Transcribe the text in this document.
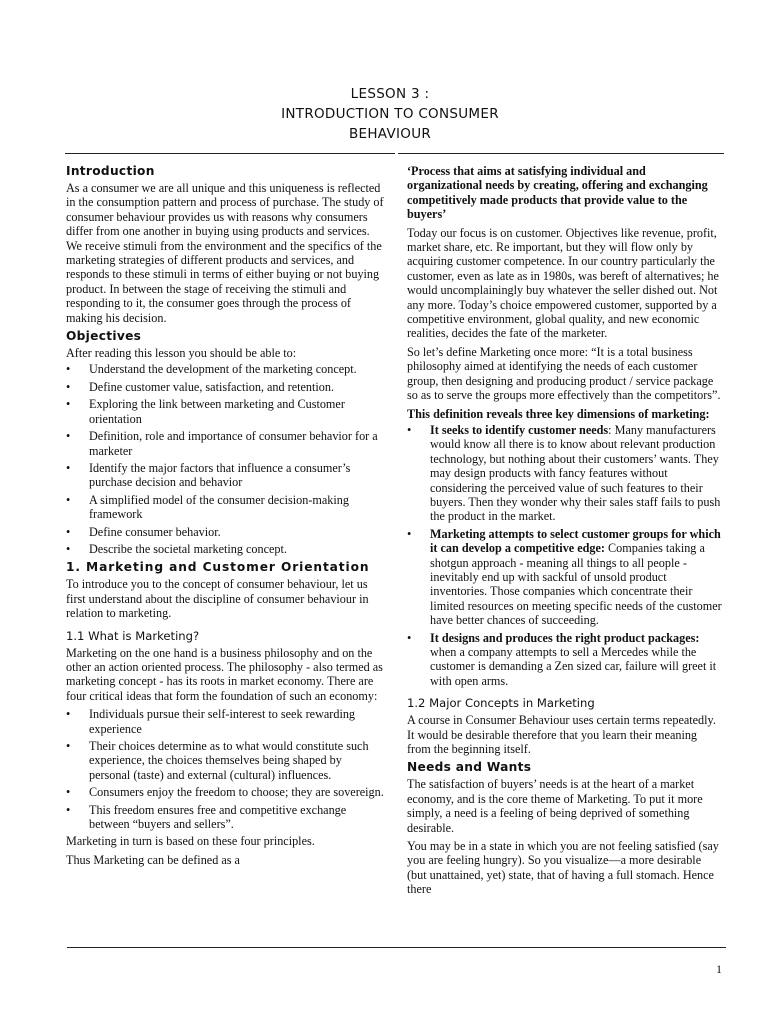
LESSON 3 :
INTRODUCTION TO CONSUMER
BEHAVIOUR
Introduction

As a consumer we are all unique and this uniqueness is reflected in the consumption pattern and process of purchase. The study of consumer behaviour provides us with reasons why consumers differ from one another in buying using products and services. We receive stimuli from the environment and the specifics of the marketing strategies of different products and services, and responds to these stimuli in terms of either buying or not buying product. In between the stage of receiving the stimuli and responding to it, the consumer goes through the process of making his decision.

Objectives

After reading this lesson you should be able to:

• Understand the development of the marketing concept.
• Define customer value, satisfaction, and retention.
• Exploring the link between marketing and Customer orientation
• Definition, role and importance of consumer behavior for a marketer
• Identify the major factors that influence a consumer’s purchase decision and behavior
• A simplified model of the consumer decision-making framework
• Define consumer behavior.
• Describe the societal marketing concept.
1. Marketing and Customer Orientation

To introduce you to the concept of consumer behaviour, let us first understand about the discipline of consumer behaviour in relation to marketing.

1.1 What is Marketing?

Marketing on the one hand is a business philosophy and on the other an action oriented process. The philosophy - also termed as marketing concept - has its roots in market economy. There are four critical ideas that form the foundation of such an economy:

• Individuals pursue their self-interest to seek rewarding experience
• Their choices determine as to what would constitute such experience, the choices themselves being shaped by personal (taste) and external (cultural) influences.
• Consumers enjoy the freedom to choose; they are sovereign.
• This freedom ensures free and competitive exchange between “buyers and sellers”.

Marketing in turn is based on these four principles.

Thus Marketing can be defined as a

‘Process that aims at satisfying individual and organizational needs by creating, offering and exchanging competitively made products that provide value to the buyers’

Today our focus is on customer. Objectives like revenue, profit, market share, etc. Re important, but they will flow only by acquiring customer competence. In our country particularly the customer, even as late as in 1980s, was bereft of alternatives; he would uncomplainingly buy whatever the seller dished out. Not any more. Today’s choice empowered customer, supported by a competitive environment, global quality, and new economic realities, decides the fate of the marketer.

So let’s define Marketing once more: “It is a total business philosophy aimed at identifying the needs of each customer group, then designing and producing product / service package so as to serve the groups more effectively than the competitors”.

This definition reveals three key dimensions of marketing:

• It seeks to identify customer needs: Many manufacturers would know all there is to know about relevant production technology, but nothing about their customers’ wants. They may design products with fancy features without considering the perceived value of such features to their buyers. Then they wonder why their sales staff fails to push the product in the market.
• Marketing attempts to select customer groups for which it can develop a competitive edge: Companies taking a shotgun approach - meaning all things to all people - inevitably end up with sackful of unsold product inventories. Those companies which concentrate their limited resources on meeting specific needs of the customer have better chances of succeeding.
• It designs and produces the right product packages: when a company attempts to sell a Mercedes while the customer is demanding a Zen sized car, failure will greet it with open arms.
1.2 Major Concepts in Marketing

A course in Consumer Behaviour uses certain terms repeatedly. It would be desirable therefore that you learn their meaning from the beginning itself.

Needs and Wants

The satisfaction of buyers’ needs is at the heart of a market economy, and is the core theme of Marketing. To put it more simply, a need is a feeling of being deprived of something desirable.

You may be in a state in which you are not feeling satisfied (say you are feeling hungry). So you visualize—a more desirable (but unattained, yet) state, that of having a full stomach. Hence there

1
